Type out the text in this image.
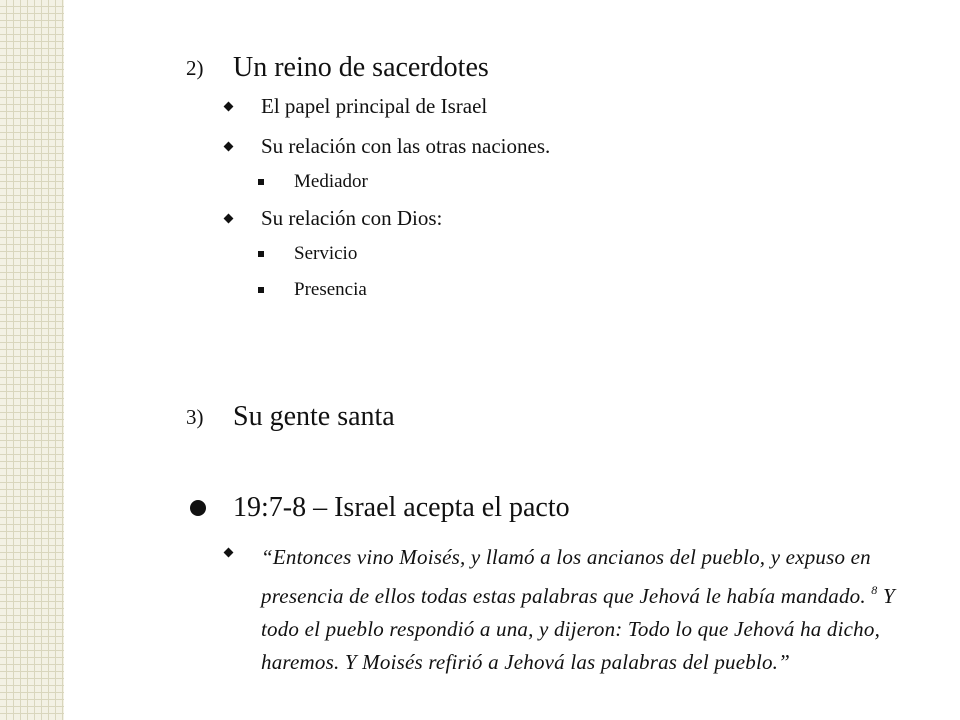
2) Un reino de sacerdotes
El papel principal de Israel
Su relación con las otras naciones.
Mediador
Su relación con Dios:
Servicio
Presencia
3) Su gente santa
19:7-8 – Israel acepta el pacto
“Entonces vino Moisés, y llamó a los ancianos del pueblo, y expuso en presencia de ellos todas estas palabras que Jehová le había mandado. $^8$ Y todo el pueblo respondió a una, y dijeron: Todo lo que Jehová ha dicho, haremos. Y Moisés refirió a Jehová las palabras del pueblo.”
